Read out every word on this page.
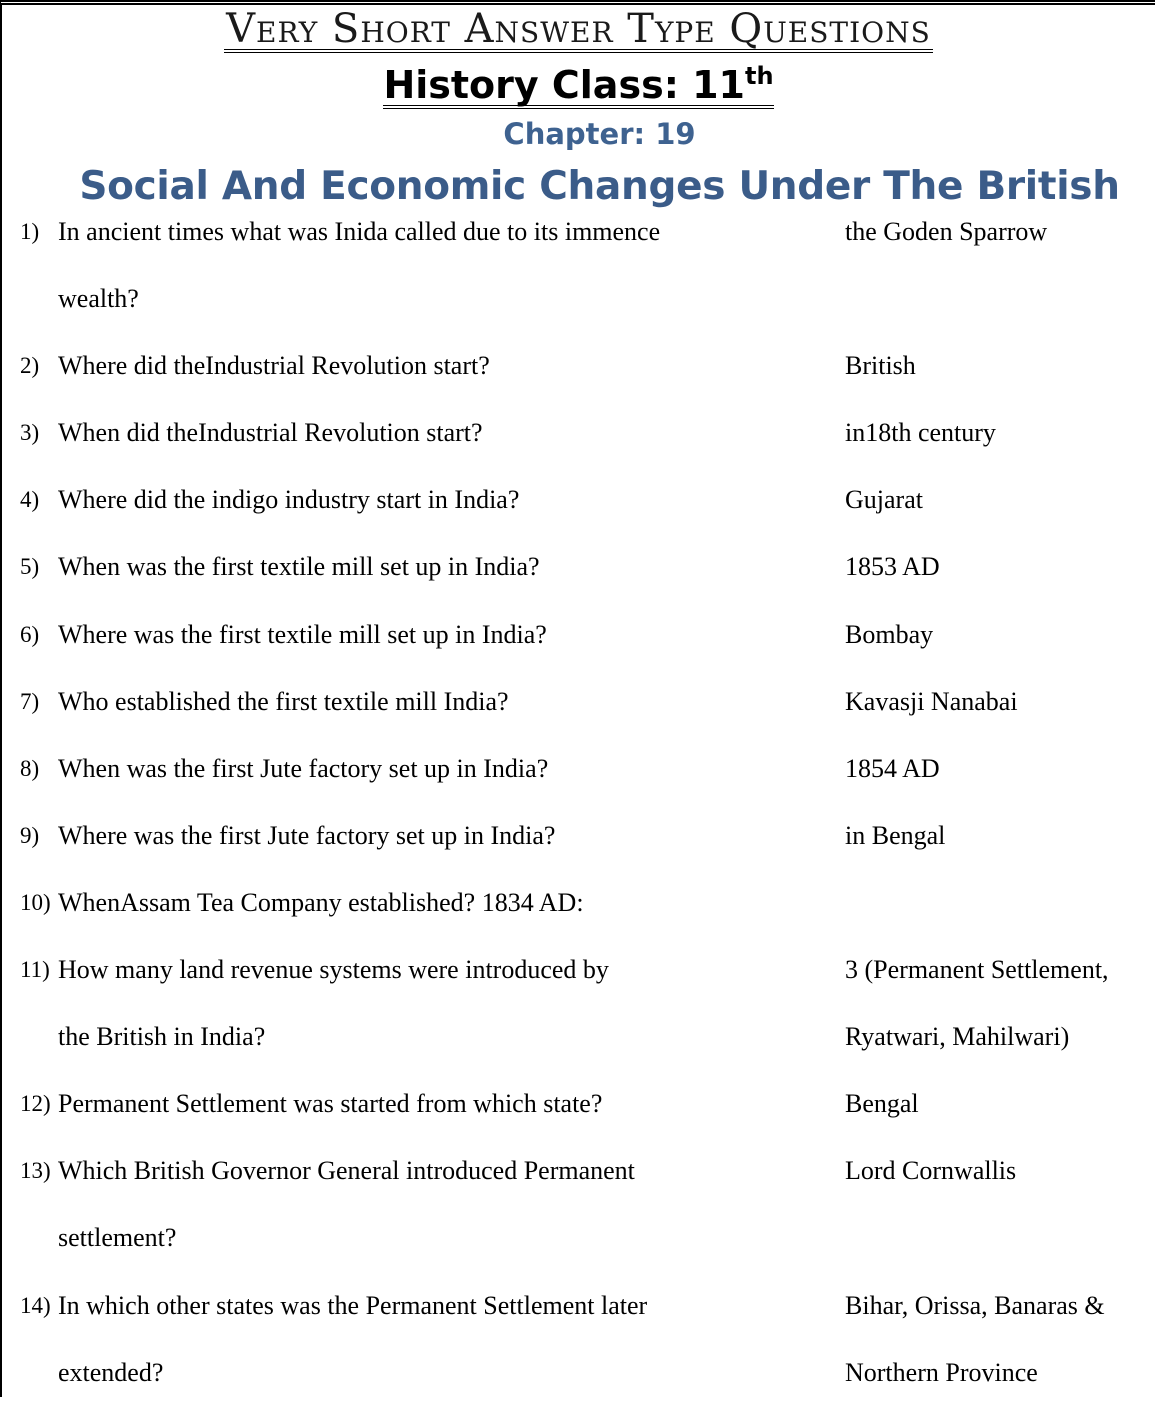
Very Short Answer Type Questions
History Class: 11th
Chapter: 19
Social And Economic Changes Under The British
1) In ancient times what was Inida called due to its immence	the Goden Sparrow
wealth?
2) Where did theIndustrial Revolution start?	British
3) When did theIndustrial Revolution start?	in18th century
4) Where did the indigo industry start in India?	Gujarat
5) When was the first textile mill set up in India?	1853 AD
6) Where was the first textile mill set up in India?	Bombay
7) Who established the first textile mill India?	Kavasji Nanabai
8) When was the first Jute factory set up in India?	1854 AD
9) Where was the first Jute factory set up in India?	in Bengal
10) WhenAssam Tea Company established? 1834 AD:
11) How many land revenue systems were introduced by	3 (Permanent Settlement,
the British in India?	Ryatwari, Mahilwari)
12) Permanent Settlement was started from which state?	Bengal
13) Which British Governor General introduced Permanent	Lord Cornwallis
settlement?
14) In which other states was the Permanent Settlement later	Bihar, Orissa, Banaras &
extended?	Northern Province
